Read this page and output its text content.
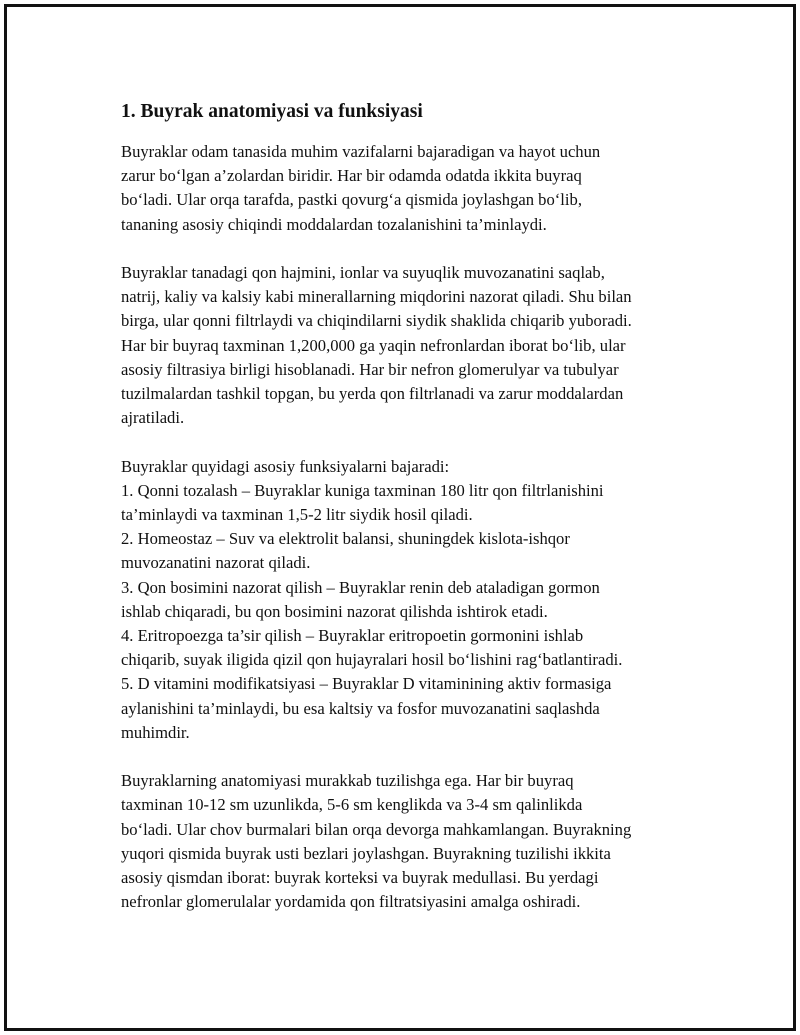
1. Buyrak anatomiyasi va funksiyasi
Buyraklar odam tanasida muhim vazifalarni bajaradigan va hayot uchun
zarur bo‘lgan a’zolardan biridir. Har bir odamda odatda ikkita buyraq
bo‘ladi. Ular orqa tarafda, pastki qovurg‘a qismida joylashgan bo‘lib,
tananing asosiy chiqindi moddalardan tozalanishini ta’minlaydi.
Buyraklar tanadagi qon hajmini, ionlar va suyuqlik muvozanatini saqlab,
natrij, kaliy va kalsiy kabi minerallarning miqdorini nazorat qiladi. Shu bilan
birga, ular qonni filtrlaydi va chiqindilarni siydik shaklida chiqarib yuboradi.
Har bir buyraq taxminan 1,200,000 ga yaqin nefronlardan iborat bo‘lib, ular
asosiy filtrasiya birligi hisoblanadi. Har bir nefron glomerulyar va tubulyar
tuzilmalardan tashkil topgan, bu yerda qon filtrlanadi va zarur moddalardan
ajratiladi.
Buyraklar quyidagi asosiy funksiyalarni bajaradi:
1. Qonni tozalash – Buyraklar kuniga taxminan 180 litr qon filtrlanishini
ta’minlaydi va taxminan 1,5-2 litr siydik hosil qiladi.
2. Homeostaz – Suv va elektrolit balansi, shuningdek kislota-ishqor
muvozanatini nazorat qiladi.
3. Qon bosimini nazorat qilish – Buyraklar renin deb ataladigan gormon
ishlab chiqaradi, bu qon bosimini nazorat qilishda ishtirok etadi.
4. Eritropoezga ta’sir qilish – Buyraklar eritropoetin gormonini ishlab
chiqarib, suyak iligida qizil qon hujayralari hosil bo‘lishini rag‘batlantiradi.
5. D vitamini modifikatsiyasi – Buyraklar D vitaminining aktiv formasiga
aylanishini ta’minlaydi, bu esa kaltsiy va fosfor muvozanatini saqlashda
muhimdir.
Buyraklarning anatomiyasi murakkab tuzilishga ega. Har bir buyraq
taxminan 10-12 sm uzunlikda, 5-6 sm kenglikda va 3-4 sm qalinlikda
bo‘ladi. Ular chov burmalari bilan orqa devorga mahkamlangan. Buyrakning
yuqori qismida buyrak usti bezlari joylashgan. Buyrakning tuzilishi ikkita
asosiy qismdan iborat: buyrak korteksi va buyrak medullasi. Bu yerdagi
nefronlar glomerulalar yordamida qon filtratsiyasini amalga oshiradi.
